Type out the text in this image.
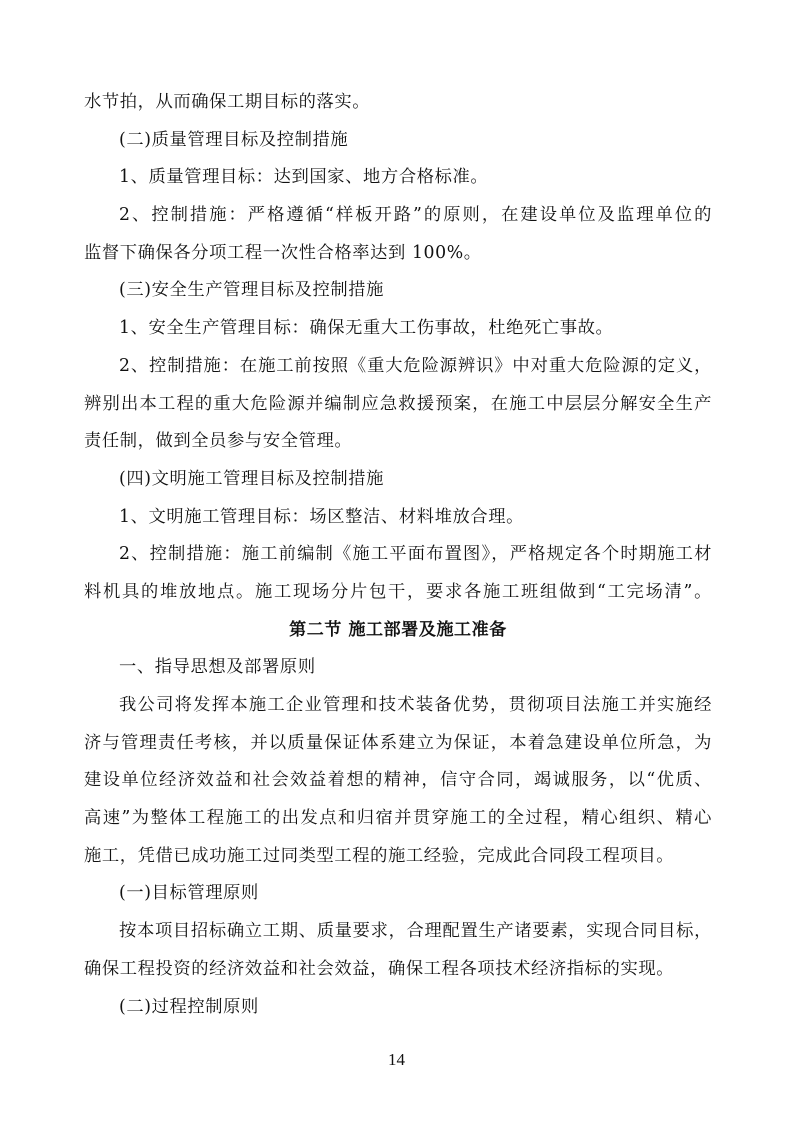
水节拍，从而确保工期目标的落实。
(二)质量管理目标及控制措施
1、质量管理目标：达到国家、地方合格标准。
2、控制措施：严格遵循“样板开路”的原则，在建设单位及监理单位的
监督下确保各分项工程一次性合格率达到 100%。
(三)安全生产管理目标及控制措施
1、安全生产管理目标：确保无重大工伤事故，杜绝死亡事故。
2、控制措施：在施工前按照《重大危险源辨识》中对重大危险源的定义，
辨别出本工程的重大危险源并编制应急救援预案，在施工中层层分解安全生产
责任制，做到全员参与安全管理。
(四)文明施工管理目标及控制措施
1、文明施工管理目标：场区整洁、材料堆放合理。
2、控制措施：施工前编制《施工平面布置图》，严格规定各个时期施工材
料机具的堆放地点。施工现场分片包干，要求各施工班组做到“工完场清”。
第二节 施工部署及施工准备
一、指导思想及部署原则
我公司将发挥本施工企业管理和技术装备优势，贯彻项目法施工并实施经
济与管理责任考核，并以质量保证体系建立为保证，本着急建设单位所急，为
建设单位经济效益和社会效益着想的精神，信守合同，竭诚服务，以“优质、
高速”为整体工程施工的出发点和归宿并贯穿施工的全过程，精心组织、精心
施工，凭借已成功施工过同类型工程的施工经验，完成此合同段工程项目。
(一)目标管理原则
按本项目招标确立工期、质量要求，合理配置生产诸要素，实现合同目标，
确保工程投资的经济效益和社会效益，确保工程各项技术经济指标的实现。
(二)过程控制原则
14
